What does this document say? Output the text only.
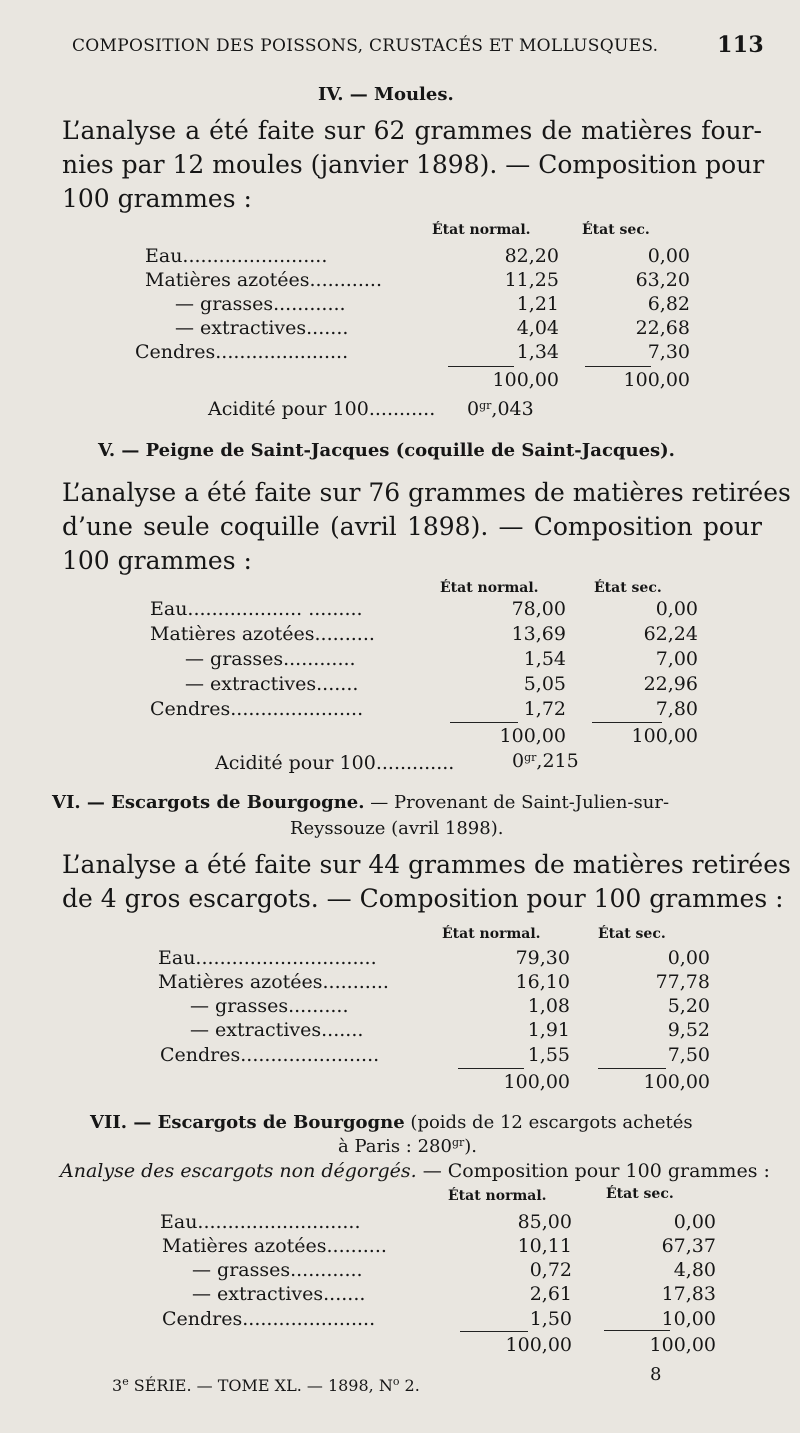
COMPOSITION DES POISSONS, CRUSTACÉS ET MOLLUSQUES.	113
IV. — Moules.
L’analyse a été faite sur 62 grammes de matières four-
nies par 12 moules (janvier 1898). — Composition pour
100 grammes :
État normal.	État sec.
Eau........................	82,20	0,00
Matières azotées............	11,25	63,20
— grasses............	1,21	6,82
— extractives.......	4,04	22,68
Cendres......................	1,34	7,30
100,00	100,00
Acidité pour 100........... $0^{gr},043$
V. — Peigne de Saint-Jacques (coquille de Saint-Jacques).
L’analyse a été faite sur 76 grammes de matières retirées
d’une seule coquille (avril 1898). — Composition pour
100 grammes :
État normal.	État sec.
Eau................... .........	78,00	0,00
Matières azotées..........	13,69	62,24
— grasses............	1,54	7,00
— extractives.......	5,05	22,96
Cendres......................	1,72	7,80
100,00	100,00
Acidité pour 100.............	$0^{gr},215$
VI. — Escargots de Bourgogne. — Provenant de Saint-Julien-sur-
Reyssouze (avril 1898).
L’analyse a été faite sur 44 grammes de matières retirées
de 4 gros escargots. — Composition pour 100 grammes :
État normal.	État sec.
Eau..............................	79,30	0,00
Matières azotées...........	16,10	77,78
— grasses..........	1,08	5,20
— extractives.......	1,91	9,52
Cendres.......................	1,55	7,50
100,00	100,00
VII. — Escargots de Bourgogne (poids de 12 escargots achetés
à Paris : $280^{gr}$).
Analyse des escargots non dégorgés. — Composition pour 100 grammes :
État normal.	État sec.
Eau...........................	85,00	0,00
Matières azotées..........	10,11	67,37
— grasses............	0,72	4,80
— extractives.......	2,61	17,83
Cendres......................	1,50	10,00
100,00	100,00
3e SÉRIE. — TOME XL. — 1898, $N^o$ 2.
8
